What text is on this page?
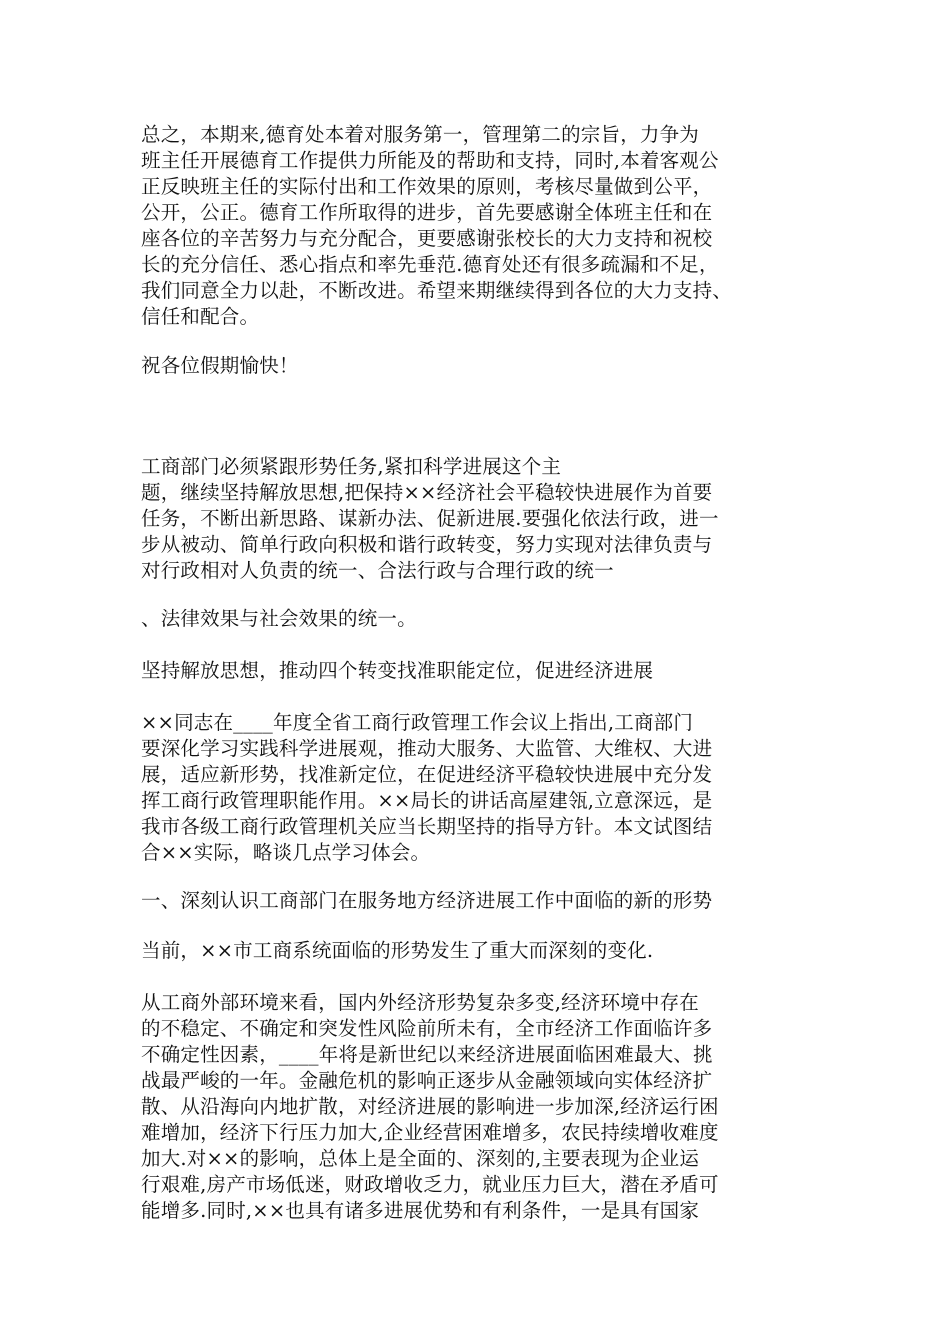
总之，本期来,德育处本着对服务第一，管理第二的宗旨，力争为
班主任开展德育工作提供力所能及的帮助和支持，同时,本着客观公
正反映班主任的实际付出和工作效果的原则，考核尽量做到公平，
公开，公正。德育工作所取得的进步，首先要感谢全体班主任和在
座各位的辛苦努力与充分配合，更要感谢张校长的大力支持和祝校
长的充分信任、悉心指点和率先垂范.德育处还有很多疏漏和不足，
我们同意全力以赴，不断改进。希望来期继续得到各位的大力支持、
信任和配合。
祝各位假期愉快！
工商部门必须紧跟形势任务,紧扣科学进展这个主
题，继续坚持解放思想,把保持××经济社会平稳较快进展作为首要
任务，不断出新思路、谋新办法、促新进展.要强化依法行政，进一
步从被动、简单行政向积极和谐行政转变，努力实现对法律负责与
对行政相对人负责的统一、合法行政与合理行政的统一
、法律效果与社会效果的统一。
坚持解放思想，推动四个转变找准职能定位，促进经济进展
××同志在____年度全省工商行政管理工作会议上指出,工商部门
要深化学习实践科学进展观，推动大服务、大监管、大维权、大进
展，适应新形势，找准新定位，在促进经济平稳较快进展中充分发
挥工商行政管理职能作用。××局长的讲话高屋建瓴,立意深远，是
我市各级工商行政管理机关应当长期坚持的指导方针。本文试图结
合××实际，略谈几点学习体会。
一、深刻认识工商部门在服务地方经济进展工作中面临的新的形势
当前，××市工商系统面临的形势发生了重大而深刻的变化.
从工商外部环境来看，国内外经济形势复杂多变,经济环境中存在
的不稳定、不确定和突发性风险前所未有，全市经济工作面临许多
不确定性因素，____年将是新世纪以来经济进展面临困难最大、挑
战最严峻的一年。金融危机的影响正逐步从金融领域向实体经济扩
散、从沿海向内地扩散，对经济进展的影响进一步加深,经济运行困
难增加，经济下行压力加大,企业经营困难增多，农民持续增收难度
加大.对××的影响，总体上是全面的、深刻的,主要表现为企业运
行艰难,房产市场低迷，财政增收乏力，就业压力巨大，潜在矛盾可
能增多.同时,××也具有诸多进展优势和有利条件，一是具有国家
